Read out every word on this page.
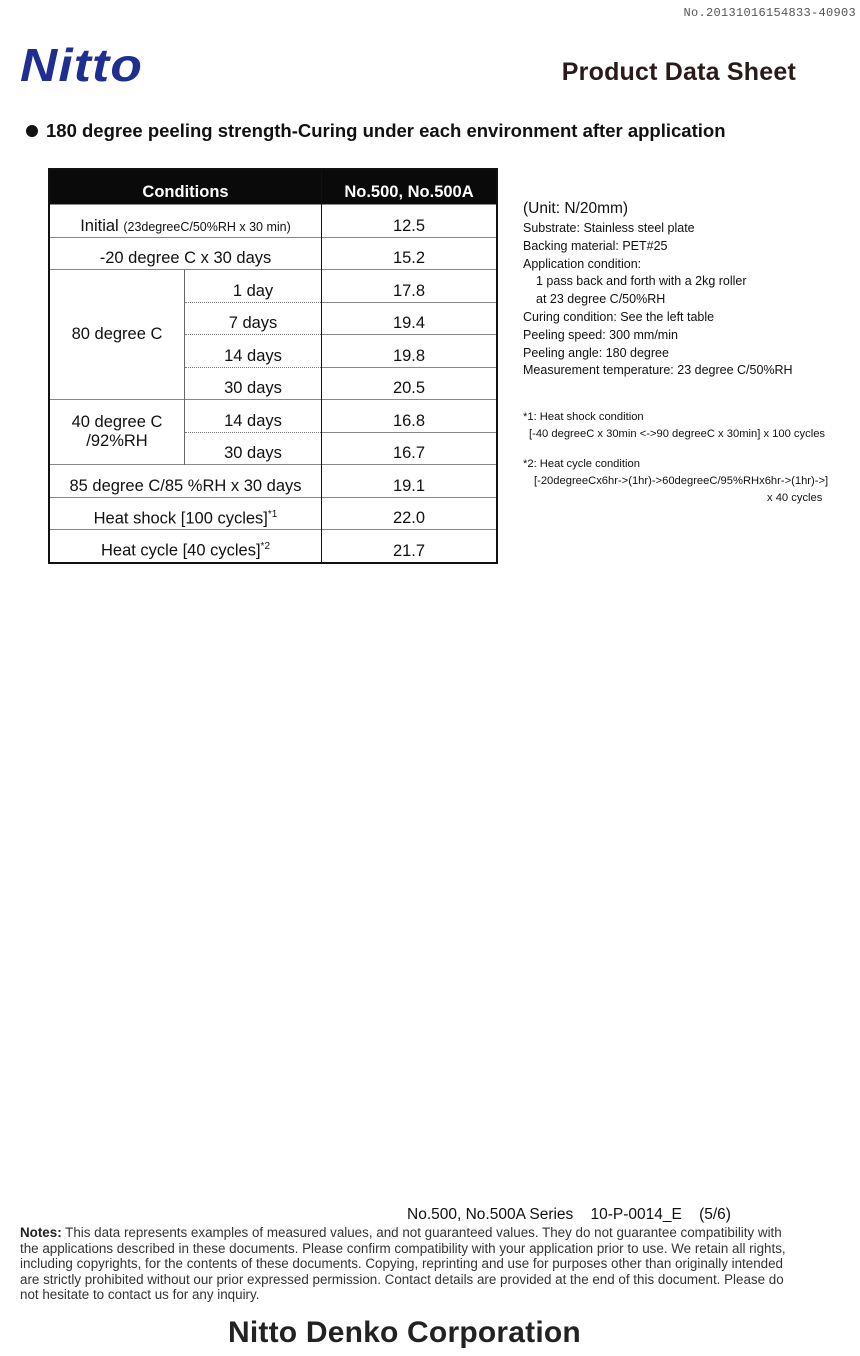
No.20131016154833-40903
Nitto	Product Data Sheet
180 degree peeling strength-Curing under each environment after application
Conditions		No.500, No.500A
Initial (23degreeC/50%RH x 30 min)		12.5
-20 degree C x 30 days		15.2
80 degree C	1 day	17.8
	7 days	19.4
	14 days	19.8
	30 days	20.5

40 degree C
/92%RH	14 days	16.8
	30 days	16.7
85 degree C/85 %RH x 30 days		19.1
Heat shock [100 cycles]$^{*1}$		22.0
Heat cycle [40 cycles]$^{*2}$		21.7
(Unit: N/20mm)
Substrate: Stainless steel plate
Backing material: PET#25
Application condition:
1 pass back and forth with a 2kg roller
at 23 degree C/50%RH
Curing condition: See the left table
Peeling speed: 300 mm/min
Peeling angle: 180 degree
Measurement temperature: 23 degree C/50%RH
*1: Heat shock condition
[-40 degreeC x 30min <->90 degreeC x 30min] x 100 cycles
*2: Heat cycle condition
[-20degreeCx6hr->(1hr)->60degreeC/95%RHx6hr->(1hr)->]
x 40 cycles
No.500, No.500A Series    10-P-0014_E    (5/6)
Notes: This data represents examples of measured values, and not guaranteed values. They do not guarantee compatibility with the applications described in these documents. Please confirm compatibility with your application prior to use. We retain all rights, including copyrights, for the contents of these documents. Copying, reprinting and use for purposes other than originally intended are strictly prohibited without our prior expressed permission. Contact details are provided at the end of this document. Please do not hesitate to contact us for any inquiry.
Nitto Denko Corporation
